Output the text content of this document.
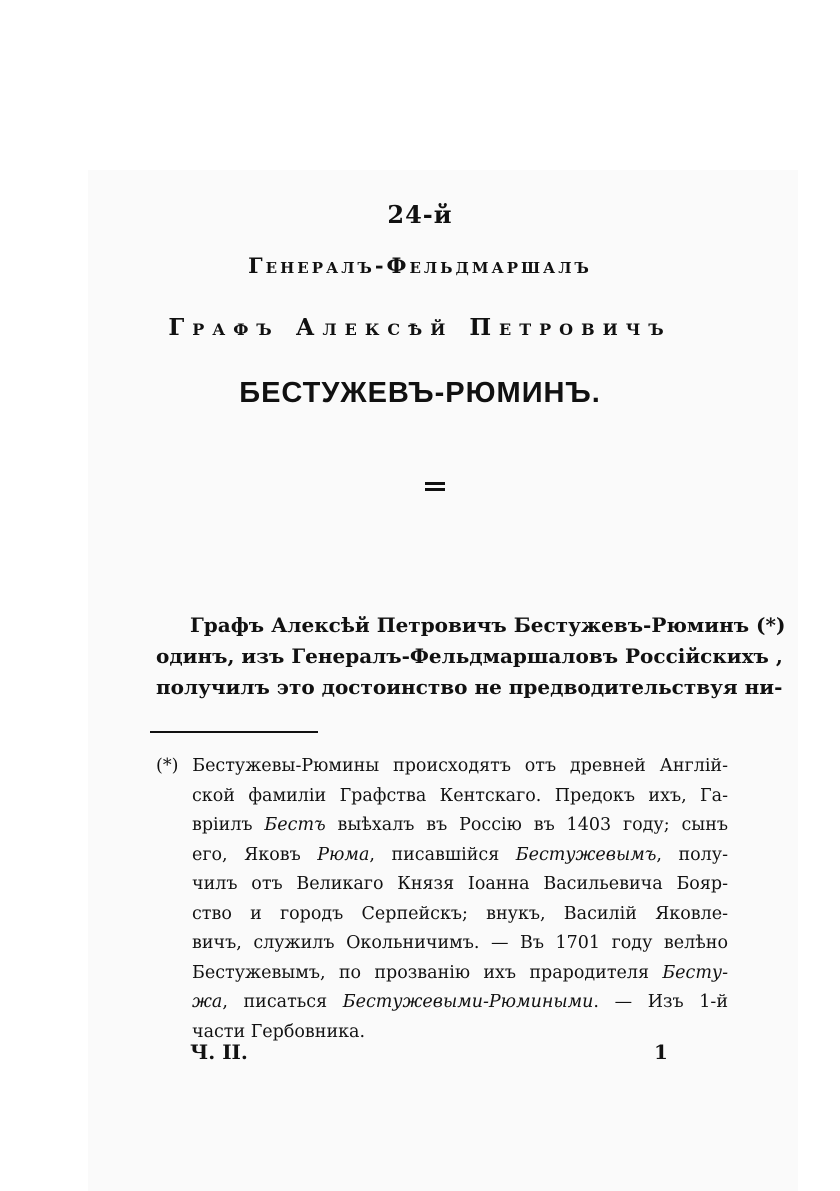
24-й
Генералъ-Фельдмаршалъ
Графъ Алексѣй Петровичъ
БЕСТУЖЕВЪ-РЮМИНЪ.
Графъ Алексѣй Петровичъ Бестужевъ-Рюминъ (*)
одинъ, изъ Генералъ-Фельдмаршаловъ Россійскихъ ,
получилъ это достоинство не предводительствуя ни-
(*) Бестужевы-Рюмины происходятъ отъ древней Англій-
ской фамиліи Графства Кентскаго. Предокъ ихъ, Га-
вріилъ Бестъ выѣхалъ въ Россію въ 1403 году; сынъ
его, Яковъ Рюма, писавшійся Бестужевымъ, полу-
чилъ отъ Великаго Князя Іоанна Васильевича Бояр-
ство и городъ Серпейскъ; внукъ, Василій Яковле-
вичъ, служилъ Окольничимъ. — Въ 1701 году велѣно
Бестужевымъ, по прозванію ихъ прародителя Бесту-
жа, писаться Бестужевыми-Рюмиными. — Изъ 1-й
части Гербовника.
Ч. II.	1
